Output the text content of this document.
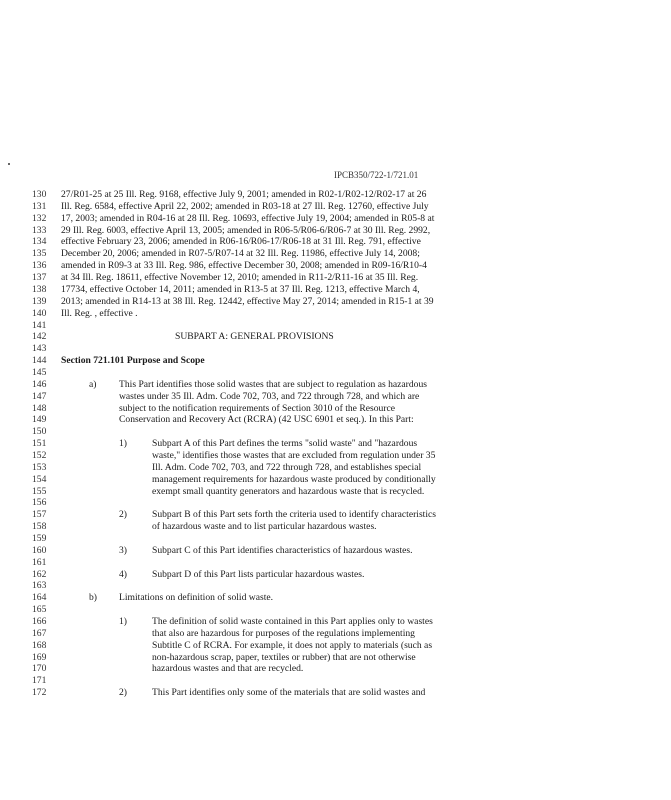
IPCB350/722-1/721.01
130	27/R01-25 at 25 Ill. Reg. 9168, effective July 9, 2001; amended in R02-1/R02-12/R02-17 at 26
131	Ill. Reg. 6584, effective April 22, 2002; amended in R03-18 at 27 Ill. Reg. 12760, effective July
132	17, 2003; amended in R04-16 at 28 Ill. Reg. 10693, effective July 19, 2004; amended in R05-8 at
133	29 Ill. Reg. 6003, effective April 13, 2005; amended in R06-5/R06-6/R06-7 at 30 Ill. Reg. 2992,
134	effective February 23, 2006; amended in R06-16/R06-17/R06-18 at 31 Ill. Reg. 791, effective
135	December 20, 2006; amended in R07-5/R07-14 at 32 Ill. Reg. 11986, effective July 14, 2008;
136	amended in R09-3 at 33 Ill. Reg. 986, effective December 30, 2008; amended in R09-16/R10-4
137	at 34 Ill. Reg. 18611, effective November 12, 2010; amended in R11-2/R11-16 at 35 Ill. Reg.
138	17734, effective October 14, 2011; amended in R13-5 at 37 Ill. Reg. 1213, effective March 4,
139	2013; amended in R14-13 at 38 Ill. Reg. 12442, effective May 27, 2014; amended in R15-1 at 39
140	Ill. Reg. , effective .
141
142	SUBPART A: GENERAL PROVISIONS
143
144	Section 721.101 Purpose and Scope
145
146	a) This Part identifies those solid wastes that are subject to regulation as hazardous
147	wastes under 35 Ill. Adm. Code 702, 703, and 722 through 728, and which are
148	subject to the notification requirements of Section 3010 of the Resource
149	Conservation and Recovery Act (RCRA) (42 USC 6901 et seq.). In this Part:
150
151	1)	Subpart A of this Part defines the terms "solid waste" and "hazardous
152	waste," identifies those wastes that are excluded from regulation under 35
153	Ill. Adm. Code 702, 703, and 722 through 728, and establishes special
154	management requirements for hazardous waste produced by conditionally
155	exempt small quantity generators and hazardous waste that is recycled.
156
157	2)	Subpart B of this Part sets forth the criteria used to identify characteristics
158	of hazardous waste and to list particular hazardous wastes.
159
160	3)	Subpart C of this Part identifies characteristics of hazardous wastes.
161
162	4)	Subpart D of this Part lists particular hazardous wastes.
163
164	b) Limitations on definition of solid waste.
165
166	1)	The definition of solid waste contained in this Part applies only to wastes
167	that also are hazardous for purposes of the regulations implementing
168	Subtitle C of RCRA. For example, it does not apply to materials (such as
169	non-hazardous scrap, paper, textiles or rubber) that are not otherwise
170	hazardous wastes and that are recycled.
171
172	2)	This Part identifies only some of the materials that are solid wastes and
